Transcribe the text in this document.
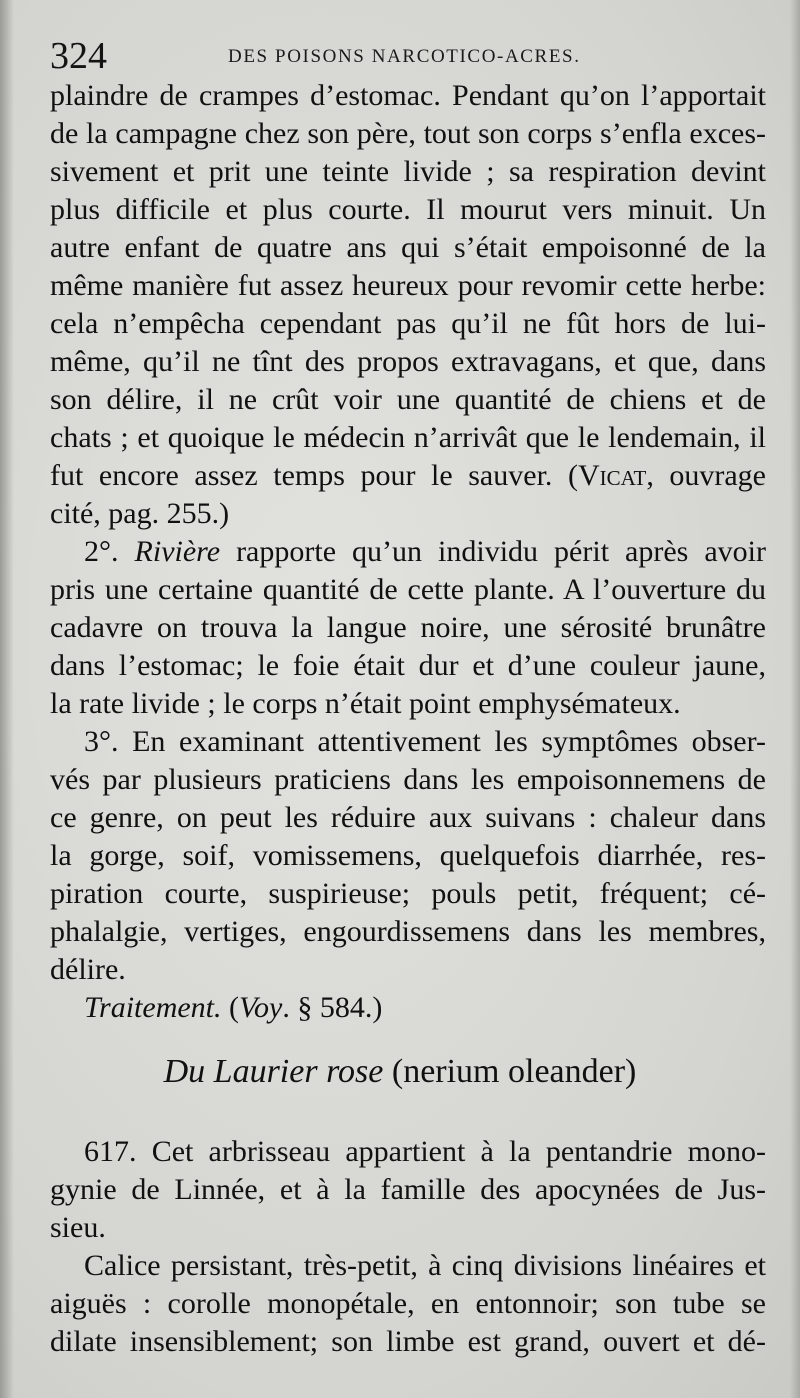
324	DES POISONS NARCOTICO-ACRES.
plaindre de crampes d’estomac. Pendant qu’on l’apportait
de la campagne chez son père, tout son corps s’enfla exces-
sivement et prit une teinte livide ; sa respiration devint
plus difficile et plus courte. Il mourut vers minuit. Un
autre enfant de quatre ans qui s’était empoisonné de la
même manière fut assez heureux pour revomir cette herbe:
cela n’empêcha cependant pas qu’il ne fût hors de lui-
même, qu’il ne tînt des propos extravagans, et que, dans
son délire, il ne crût voir une quantité de chiens et de
chats ; et quoique le médecin n’arrivât que le lendemain, il
fut encore assez temps pour le sauver. (Vicat, ouvrage
cité, pag. 255.)
2°. Rivière rapporte qu’un individu périt après avoir
pris une certaine quantité de cette plante. A l’ouverture du
cadavre on trouva la langue noire, une sérosité brunâtre
dans l’estomac; le foie était dur et d’une couleur jaune,
la rate livide ; le corps n’était point emphysémateux.
3°. En examinant attentivement les symptômes obser-
vés par plusieurs praticiens dans les empoisonnemens de
ce genre, on peut les réduire aux suivans : chaleur dans
la gorge, soif, vomissemens, quelquefois diarrhée, res-
piration courte, suspirieuse; pouls petit, fréquent; cé-
phalalgie, vertiges, engourdissemens dans les membres,
délire.
Traitement. (Voy. § 584.)
Du Laurier rose (nerium oleander)
617. Cet arbrisseau appartient à la pentandrie mono-
gynie de Linnée, et à la famille des apocynées de Jus-
sieu.
Calice persistant, très-petit, à cinq divisions linéaires et
aiguës : corolle monopétale, en entonnoir; son tube se
dilate insensiblement; son limbe est grand, ouvert et dé-
